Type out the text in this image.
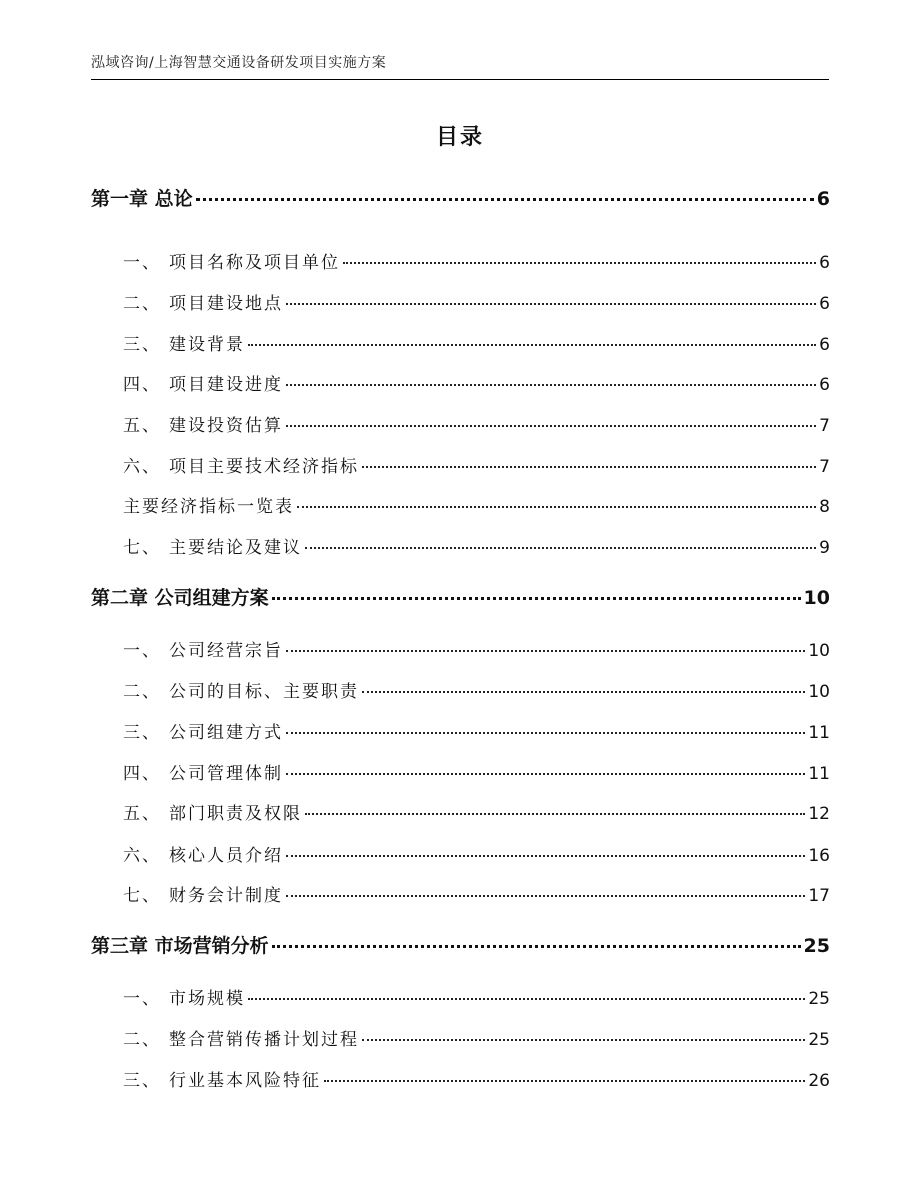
泓域咨询/上海智慧交通设备研发项目实施方案
目录
第一章 总论	6
一、 项目名称及项目单位	6
二、 项目建设地点	6
三、 建设背景	6
四、 项目建设进度	6
五、 建设投资估算	7
六、 项目主要技术经济指标	7
主要经济指标一览表	8
七、 主要结论及建议	9
第二章 公司组建方案	10
一、 公司经营宗旨	10
二、 公司的目标、主要职责	10
三、 公司组建方式	11
四、 公司管理体制	11
五、 部门职责及权限	12
六、 核心人员介绍	16
七、 财务会计制度	17
第三章 市场营销分析	25
一、 市场规模	25
二、 整合营销传播计划过程	25
三、 行业基本风险特征	26
